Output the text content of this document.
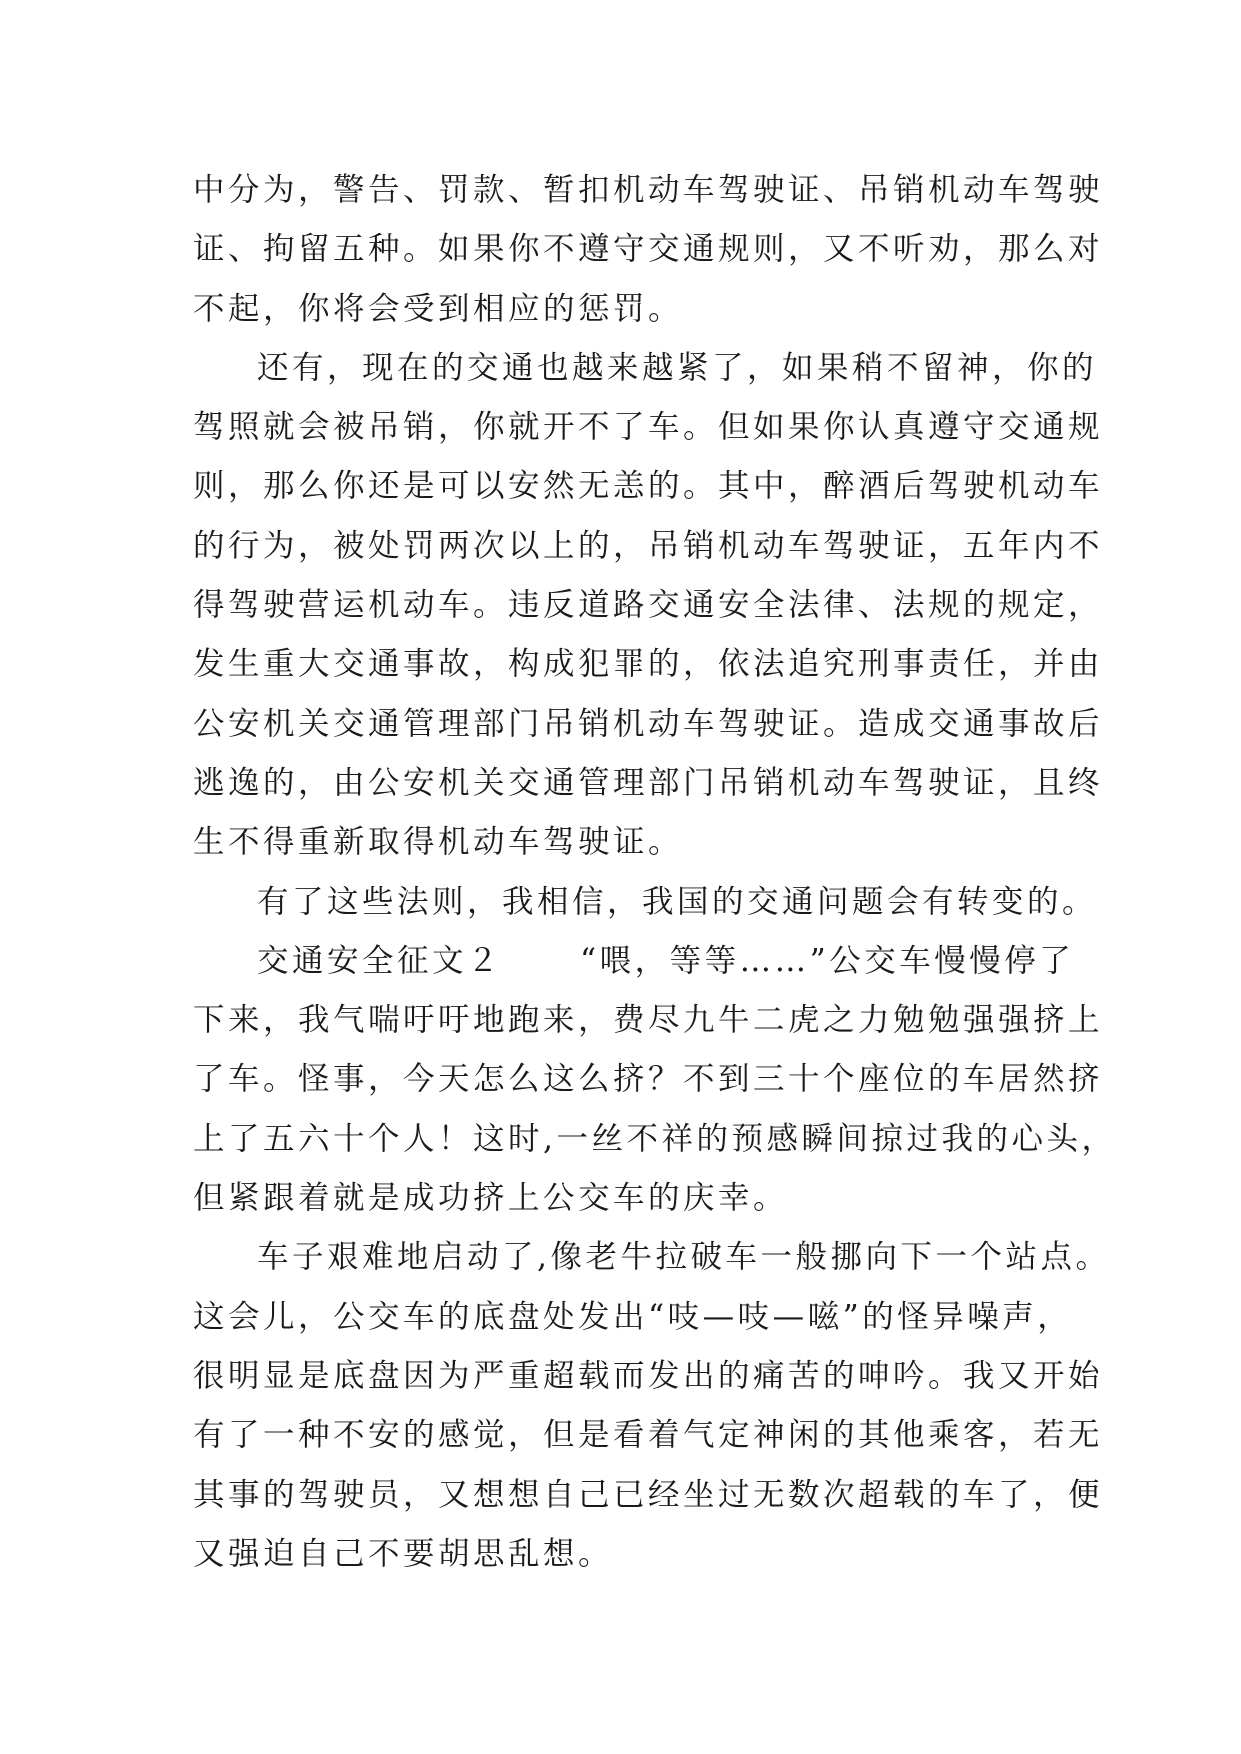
中分为，警告、罚款、暂扣机动车驾驶证、吊销机动车驾驶
证、拘留五种。如果你不遵守交通规则，又不听劝，那么对
不起，你将会受到相应的惩罚。
还有，现在的交通也越来越紧了，如果稍不留神，你的
驾照就会被吊销，你就开不了车。但如果你认真遵守交通规
则，那么你还是可以安然无恙的。其中，醉酒后驾驶机动车
的行为，被处罚两次以上的，吊销机动车驾驶证，五年内不
得驾驶营运机动车。违反道路交通安全法律、法规的规定，
发生重大交通事故，构成犯罪的，依法追究刑事责任，并由
公安机关交通管理部门吊销机动车驾驶证。造成交通事故后
逃逸的，由公安机关交通管理部门吊销机动车驾驶证，且终
生不得重新取得机动车驾驶证。
有了这些法则，我相信，我国的交通问题会有转变的。
交通安全征文２ “喂，等等……”公交车慢慢停了
下来，我气喘吁吁地跑来，费尽九牛二虎之力勉勉强强挤上
了车。怪事，今天怎么这么挤？不到三十个座位的车居然挤
上了五六十个人！这时,一丝不祥的预感瞬间掠过我的心头，
但紧跟着就是成功挤上公交车的庆幸。
车子艰难地启动了,像老牛拉破车一般挪向下一个站点。
这会儿，公交车的底盘处发出“吱—吱—嗞”的怪异噪声，
很明显是底盘因为严重超载而发出的痛苦的呻吟。我又开始
有了一种不安的感觉，但是看着气定神闲的其他乘客，若无
其事的驾驶员，又想想自己已经坐过无数次超载的车了，便
又强迫自己不要胡思乱想。
